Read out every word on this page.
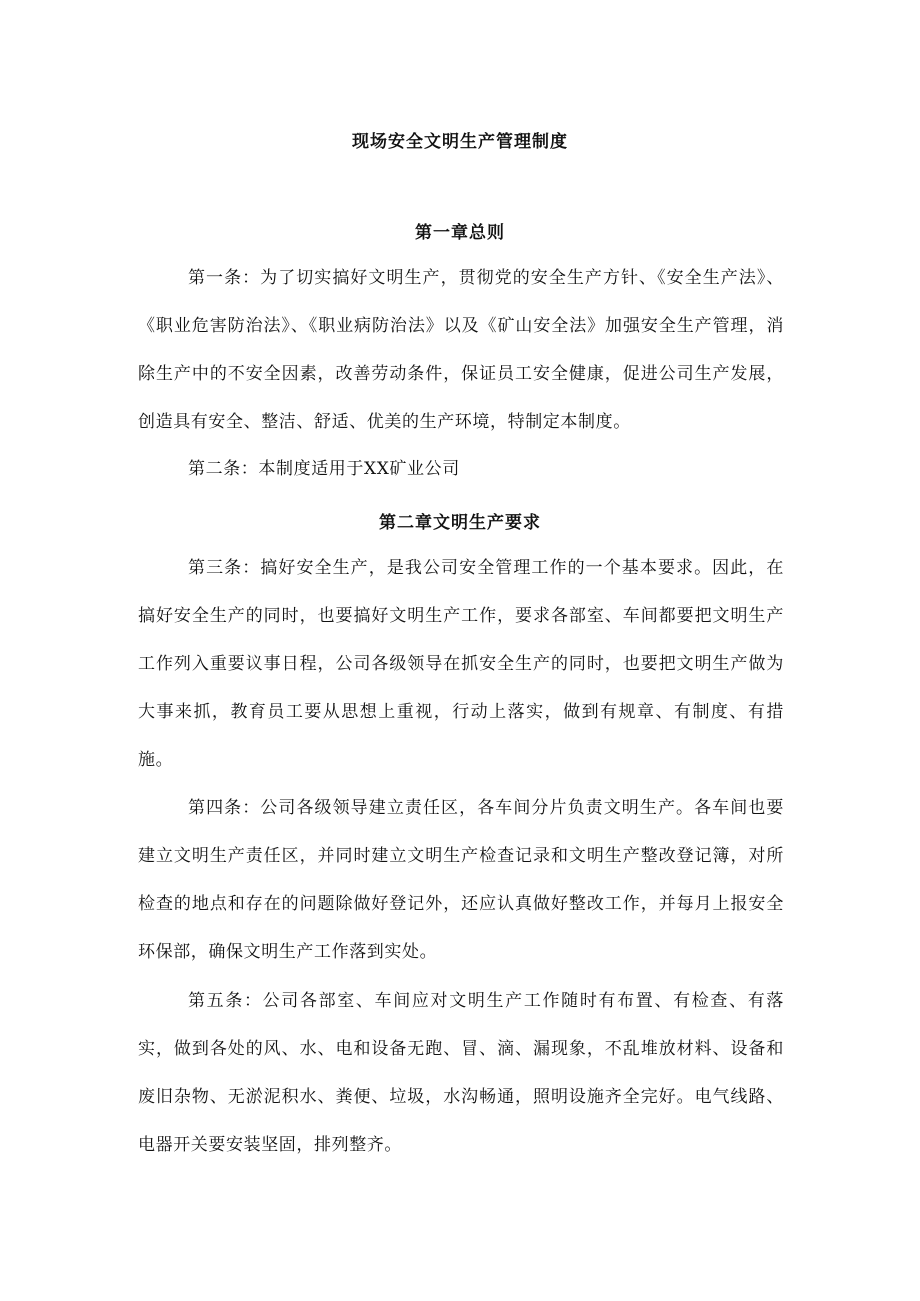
现场安全文明生产管理制度
第一章总则

第一条：为了切实搞好文明生产，贯彻党的安全生产方针、《安全生产法》、《职业危害防治法》、《职业病防治法》以及《矿山安全法》加强安全生产管理，消除生产中的不安全因素，改善劳动条件，保证员工安全健康，促进公司生产发展，创造具有安全、整洁、舒适、优美的生产环境，特制定本制度。

第二条：本制度适用于XX矿业公司

第二章文明生产要求

第三条：搞好安全生产，是我公司安全管理工作的一个基本要求。因此，在搞好安全生产的同时，也要搞好文明生产工作，要求各部室、车间都要把文明生产工作列入重要议事日程，公司各级领导在抓安全生产的同时，也要把文明生产做为大事来抓，教育员工要从思想上重视，行动上落实，做到有规章、有制度、有措施。

第四条：公司各级领导建立责任区，各车间分片负责文明生产。各车间也要建立文明生产责任区，并同时建立文明生产检查记录和文明生产整改登记簿，对所检查的地点和存在的问题除做好登记外，还应认真做好整改工作，并每月上报安全环保部，确保文明生产工作落到实处。

第五条：公司各部室、车间应对文明生产工作随时有布置、有检查、有落实，做到各处的风、水、电和设备无跑、冒、滴、漏现象，不乱堆放材料、设备和废旧杂物、无淤泥积水、粪便、垃圾，水沟畅通，照明设施齐全完好。电气线路、电器开关要安装坚固，排列整齐。
